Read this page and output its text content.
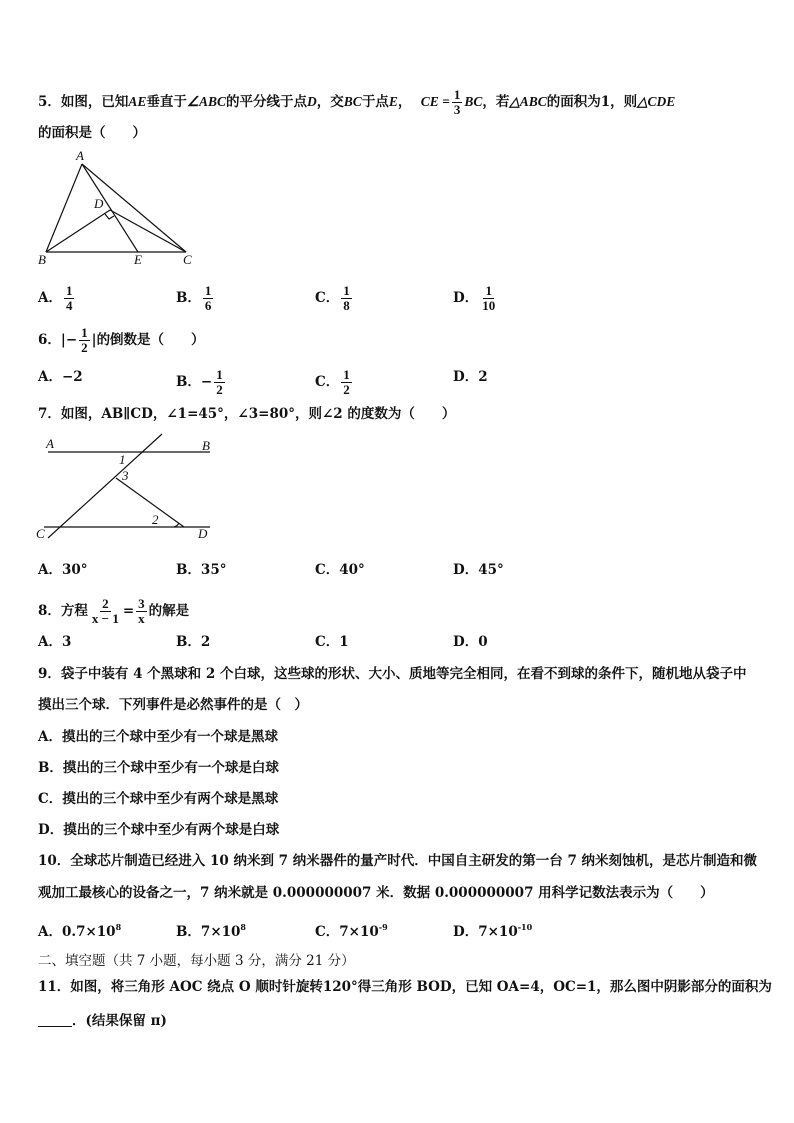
5．如图，已知AE垂直于∠ABC的平分线于点D，交BC于点E， CE = $\frac{1}{3}$ BC，若△ABC的面积为1，则△CDE
的面积是（　　）
A
B	C
D
E
A． $\frac{1}{4}$	B． $\frac{1}{6}$	C． $\frac{1}{8}$	D． $\frac{1}{10}$
6．|− $\frac{1}{2}$ |的倒数是（　　）
A．−2	B．− $\frac{1}{2}$	C． $\frac{1}{2}$	D．2
7．如图，AB∥CD，∠1=45°，∠3=80°，则∠2 的度数为（　　）
A	B
C	D
1
3
2
A．30°	B．35°	C．40°	D．45°
8．方程 $\frac{2}{x - 1} = \frac{3}{x}$ 的解是
A．3	B．2	C．1	D．0
9．袋子中装有 4 个黑球和 2 个白球，这些球的形状、大小、质地等完全相同，在看不到球的条件下，随机地从袋子中
摸出三个球．下列事件是必然事件的是（　）
A．摸出的三个球中至少有一个球是黑球
B．摸出的三个球中至少有一个球是白球
C．摸出的三个球中至少有两个球是黑球
D．摸出的三个球中至少有两个球是白球
10．全球芯片制造已经进入 10 纳米到 7 纳米器件的量产时代．中国自主研发的第一台 7 纳米刻蚀机，是芯片制造和微
观加工最核心的设备之一，7 纳米就是 0.000000007 米．数据 0.000000007 用科学记数法表示为（　　）
A．$0.7\times 10^8$	B．$7\times 10^8$	C．$7\times 10^{-9}$	D．$7\times 10^{-10}$
二、填空题（共 7 小题，每小题 3 分，满分 21 分）
11．如图，将三角形 AOC 绕点 O 顺时针旋转120°得三角形 BOD，已知 OA=4，OC=1，那么图中阴影部分的面积为
．(结果保留 π)
